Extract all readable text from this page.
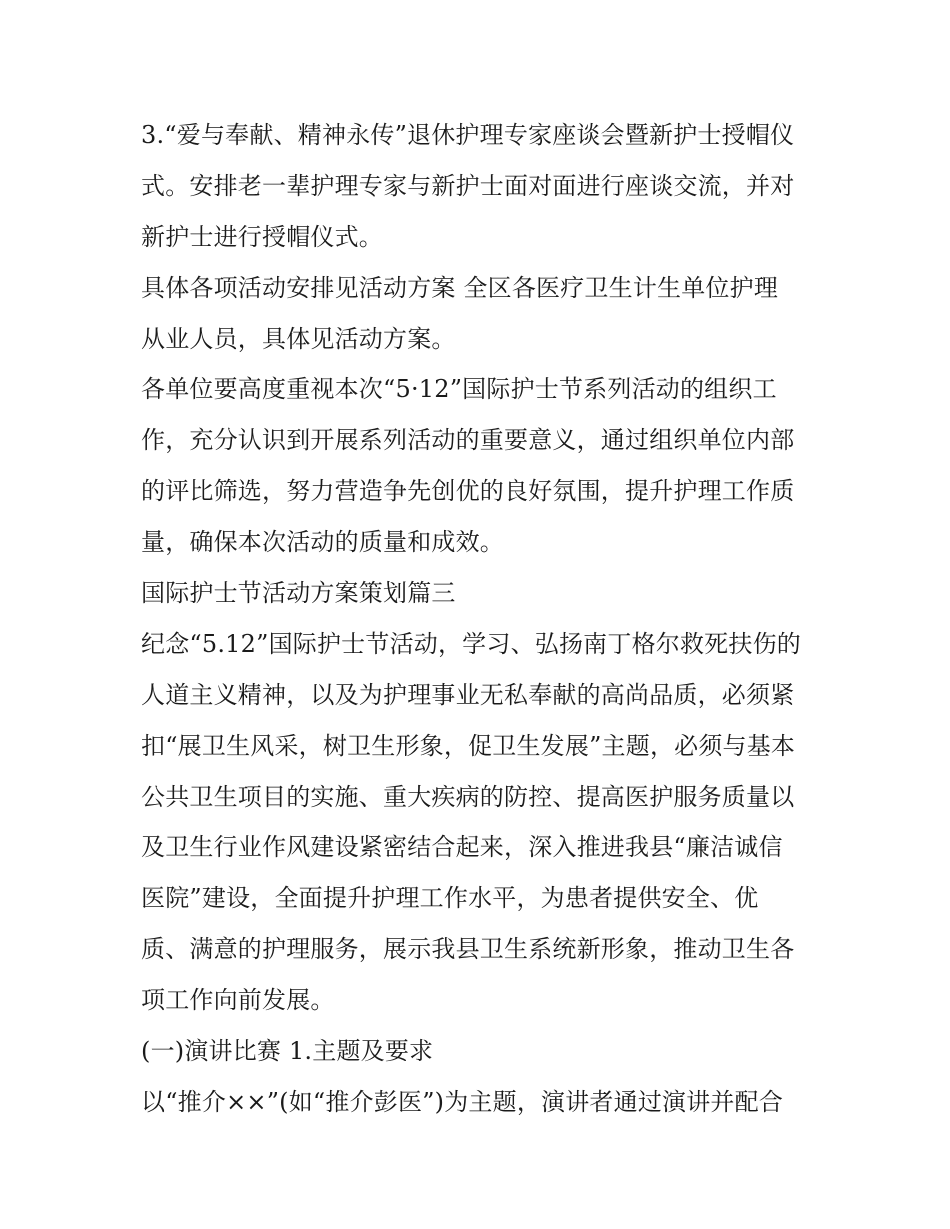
3.“爱与奉献、精神永传”退休护理专家座谈会暨新护士授帽仪
式。安排老一辈护理专家与新护士面对面进行座谈交流，并对
新护士进行授帽仪式。
具体各项活动安排见活动方案 全区各医疗卫生计生单位护理
从业人员，具体见活动方案。
各单位要高度重视本次“5·12”国际护士节系列活动的组织工
作，充分认识到开展系列活动的重要意义，通过组织单位内部
的评比筛选，努力营造争先创优的良好氛围，提升护理工作质
量，确保本次活动的质量和成效。
国际护士节活动方案策划篇三
纪念“5.12”国际护士节活动，学习、弘扬南丁格尔救死扶伤的
人道主义精神，以及为护理事业无私奉献的高尚品质，必须紧
扣“展卫生风采，树卫生形象，促卫生发展”主题，必须与基本
公共卫生项目的实施、重大疾病的防控、提高医护服务质量以
及卫生行业作风建设紧密结合起来，深入推进我县“廉洁诚信
医院”建设，全面提升护理工作水平，为患者提供安全、优
质、满意的护理服务，展示我县卫生系统新形象，推动卫生各
项工作向前发展。
(一)演讲比赛 1.主题及要求
以“推介××”(如“推介彭医”)为主题，演讲者通过演讲并配合
